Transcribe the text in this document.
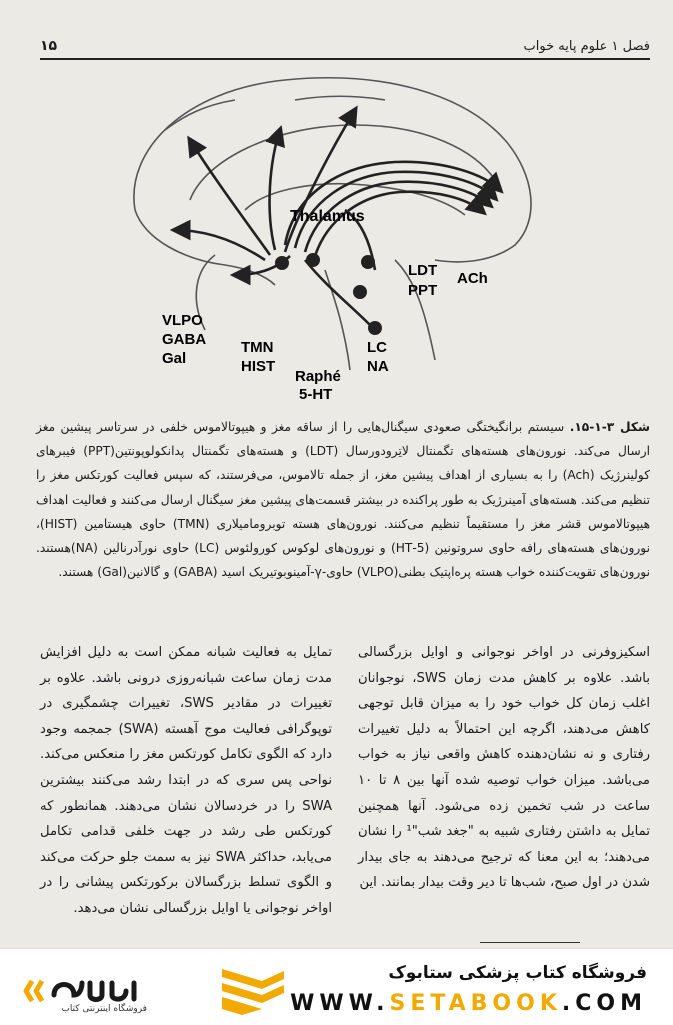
فصل ۱ علوم پایه خواب
۱۵
Thalamus
VLPO
GABA
Gal
TMN
HIST
Raphé
5-HT
LDT
PPT
ACh
LC
NA
شکل ۳-۱-۱۵. سیستم برانگیختگی صعودی سیگنال‌هایی را از ساقه مغز و هیپوتالاموس خلفی در سرتاسر پیشین مغز ارسال می‌کند. نورون‌های هسته‌های تگمنتال لاتِرودورسال (LDT) و هسته‌های تگمنتال پدانکولوپونتین(PPT) فیبرهای کولینرژیک (Ach) را به بسیاری از اهداف پیشین مغز، از جمله تالاموس، می‌فرستند، که سپس فعالیت کورتکس مغز را تنظیم می‌کند. هسته‌های آمینرژیک به طور پراکنده در بیشتر قسمت‌های پیشین مغز سیگنال ارسال می‌کنند و فعالیت اهداف هیپوتالاموس قشر مغز را مستقیماً تنظیم می‌کنند. نورون‌های هسته توبرومامیلاری (TMN) حاوی هیستامین (HIST)، نورون‌های هسته‌های رافه حاوی سروتونین (5-HT) و نورون‌های لوکوس کورولئوس (LC) حاوی نورآدرنالین (NA)هستند. نورون‌های تقویت‌کننده خواب هسته پره‌اپتیک بطنی(VLPO) حاوی-γ-آمینوبوتیریک اسید (GABA) و گالانین(Gal) هستند.
اسکیزوفرنی در اواخر نوجوانی و اوایل بزرگسالی باشد. علاوه بر کاهش مدت زمان SWS، نوجوانان اغلب زمان کل خواب خود را به میزان قابل توجهی کاهش می‌دهند، اگرچه این احتمالاً به دلیل تغییرات رفتاری و نه نشان‌دهنده کاهش واقعی نیاز به خواب می‌باشد. میزان خواب توصیه شده آنها بین ۸ تا ۱۰ ساعت در شب تخمین زده می‌شود. آنها همچنین تمایل به داشتن رفتاری شبیه به "جغد شب"¹ را نشان می‌دهند؛ به این معنا که ترجیح می‌دهند به جای بیدار شدن در اول صبح، شب‌ها تا دیر وقت بیدار بمانند. این
تمایل به فعالیت شبانه ممکن است به دلیل افزایش مدت زمان ساعت شبانه‌روزی درونی باشد. علاوه بر تغییرات در مقادیر SWS، تغییرات چشمگیری در توپوگرافی فعالیت موج آهسته (SWA) جمجمه وجود دارد که الگوی تکامل کورتکس مغز را منعکس می‌کند. نواحی پس سری که در ابتدا رشد می‌کنند بیشترین SWA را در خردسالان نشان می‌دهند. همانطور که کورتکس طی رشد در جهت خلفی قدامی تکامل می‌یابد، حداکثر SWA نیز به سمت جلو حرکت می‌کند و الگوی تسلط بزرگسالان برکورتکس پیشانی را در اواخر نوجوانی یا اوایل بزرگسالی نشان می‌دهد.
فروشگاه اینترنتی کتاب
فروشگاه کتاب پزشکی ستابوک
WWW.SETABOOK.COM
